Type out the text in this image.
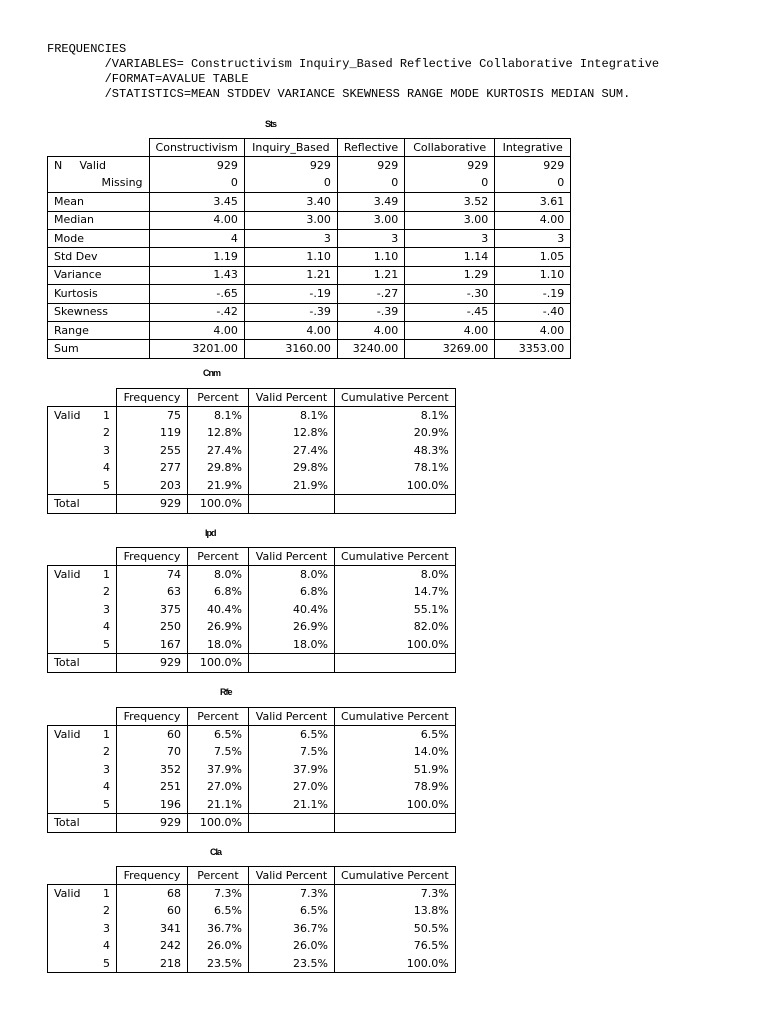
FREQUENCIES
/VARIABLES= Constructivism Inquiry_Based Reflective Collaborative Integrative
/FORMAT=AVALUE TABLE
/STATISTICS=MEAN STDDEV VARIANCE SKEWNESS RANGE MODE KURTOSIS MEDIAN SUM.
Sts
		Constructivism	Inquiry_Based	Reflective	Collaborative	Integrative
N	Valid	929	929	929	929	929
	Missing	0	0	0	0	0
Mean		3.45	3.40	3.49	3.52	3.61
Median		4.00	3.00	3.00	3.00	4.00
Mode		4	3	3	3	3
Std Dev		1.19	1.10	1.10	1.14	1.05
Variance		1.43	1.21	1.21	1.29	1.10
Kurtosis		-.65	-.19	-.27	-.30	-.19
Skewness		-.42	-.39	-.39	-.45	-.40
Range		4.00	4.00	4.00	4.00	4.00
Sum		3201.00	3160.00	3240.00	3269.00	3353.00
Cnm
		Frequency	Percent	Valid Percent	Cumulative Percent
Valid	1	75	8.1%	8.1%	8.1%
	2	119	12.8%	12.8%	20.9%
	3	255	27.4%	27.4%	48.3%
	4	277	29.8%	29.8%	78.1%
	5	203	21.9%	21.9%	100.0%
Total		929	100.0%		
Ipd
		Frequency	Percent	Valid Percent	Cumulative Percent
Valid	1	74	8.0%	8.0%	8.0%
	2	63	6.8%	6.8%	14.7%
	3	375	40.4%	40.4%	55.1%
	4	250	26.9%	26.9%	82.0%
	5	167	18.0%	18.0%	100.0%
Total		929	100.0%		
Rfe
		Frequency	Percent	Valid Percent	Cumulative Percent
Valid	1	60	6.5%	6.5%	6.5%
	2	70	7.5%	7.5%	14.0%
	3	352	37.9%	37.9%	51.9%
	4	251	27.0%	27.0%	78.9%
	5	196	21.1%	21.1%	100.0%
Total		929	100.0%		
Cla
		Frequency	Percent	Valid Percent	Cumulative Percent
Valid	1	68	7.3%	7.3%	7.3%
	2	60	6.5%	6.5%	13.8%
	3	341	36.7%	36.7%	50.5%
	4	242	26.0%	26.0%	76.5%
	5	218	23.5%	23.5%	100.0%
